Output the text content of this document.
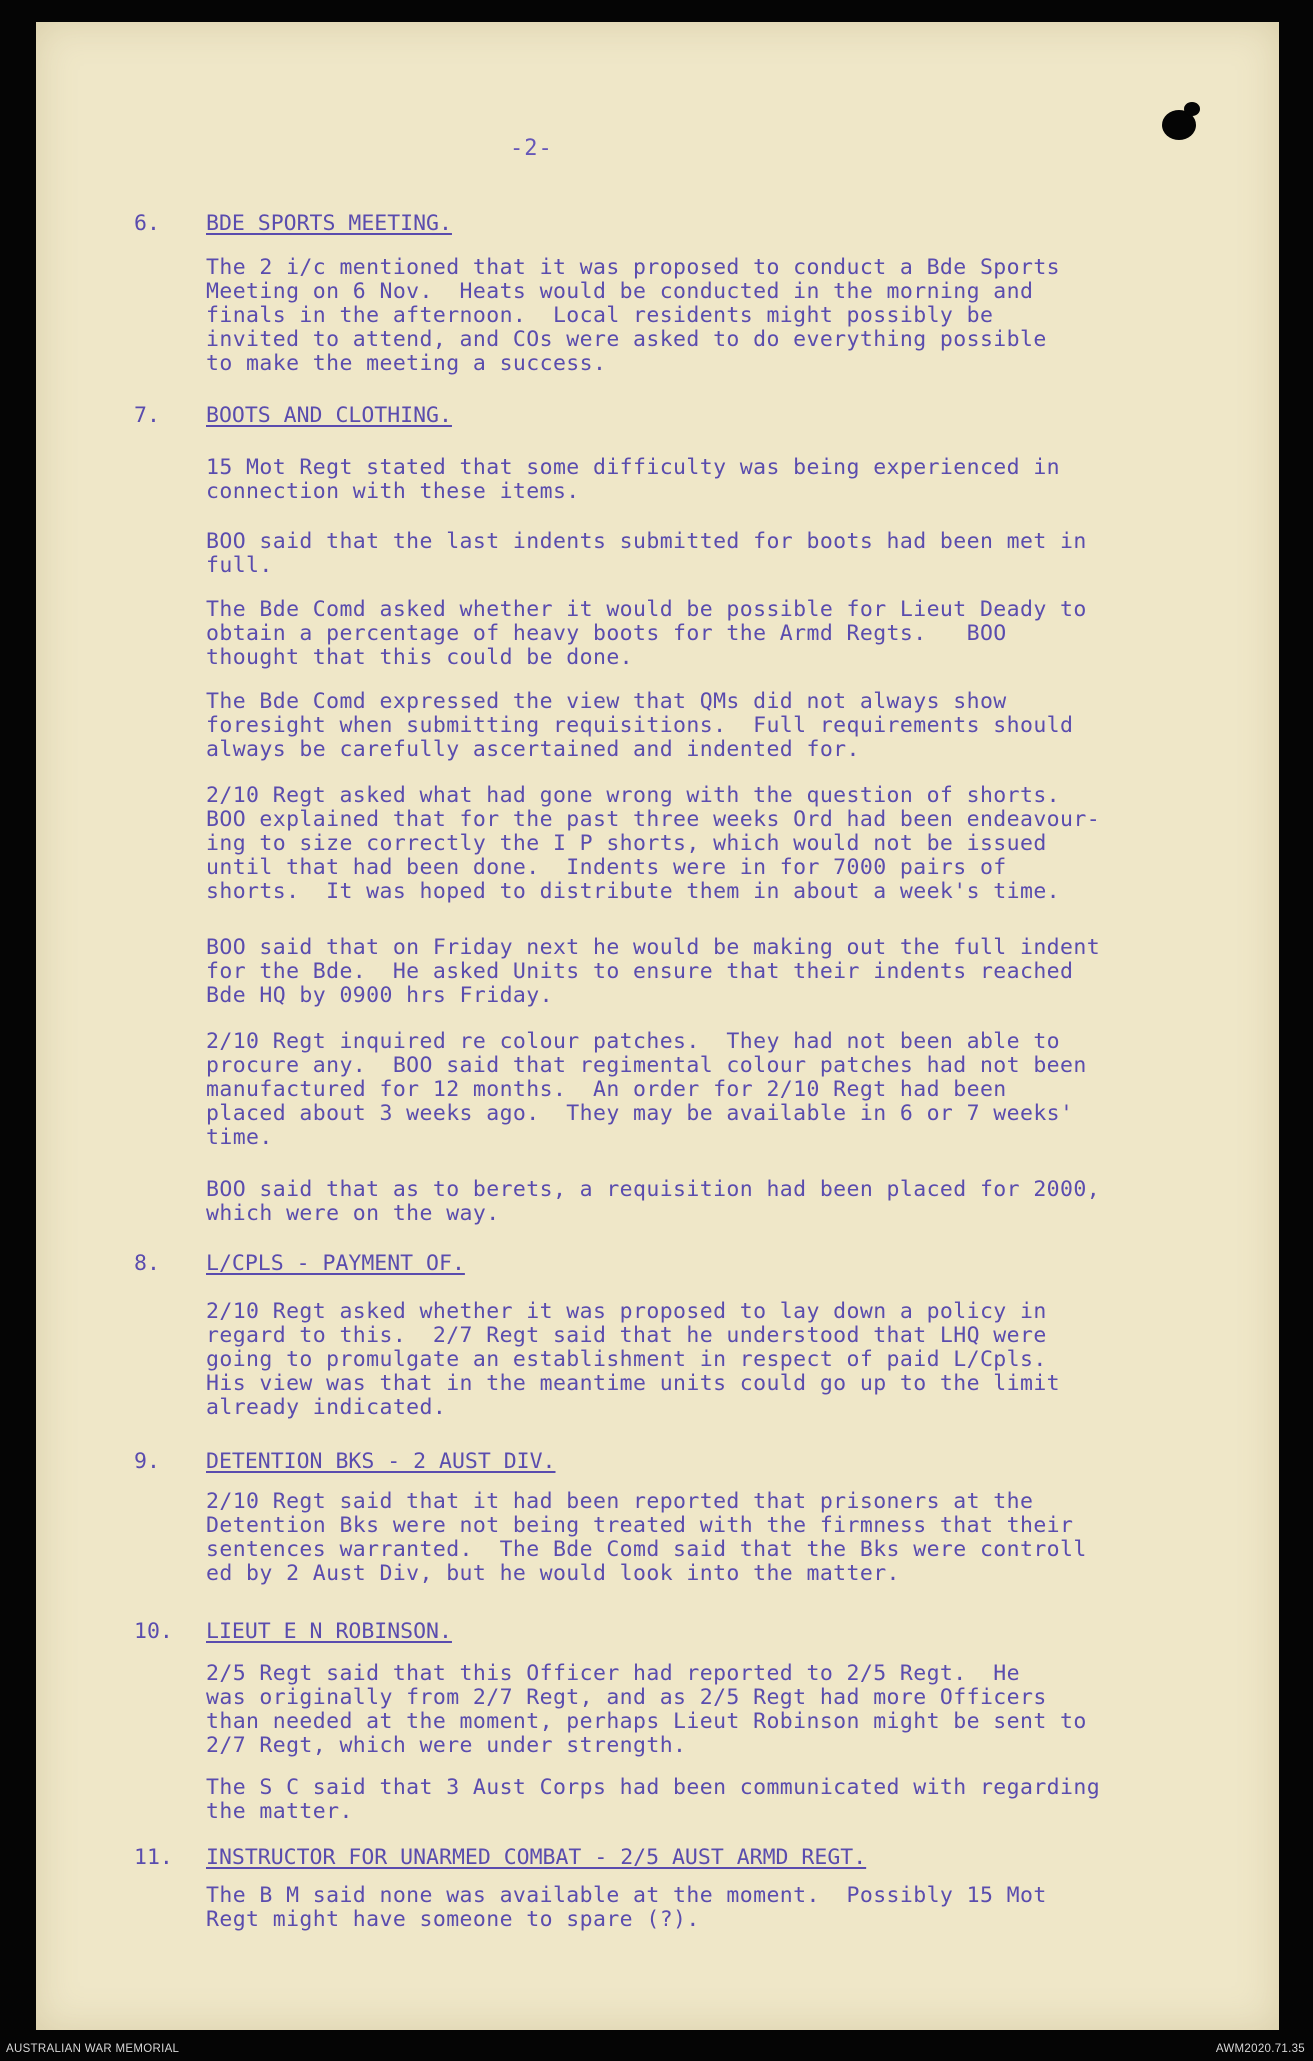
-2-
6. BDE SPORTS MEETING.

The 2 i/c mentioned that it was proposed to conduct a Bde Sports
Meeting on 6 Nov.  Heats would be conducted in the morning and
finals in the afternoon.  Local residents might possibly be
invited to attend, and COs were asked to do everything possible
to make the meeting a success.

7. BOOTS AND CLOTHING.

15 Mot Regt stated that some difficulty was being experienced in
connection with these items.

BOO said that the last indents submitted for boots had been met in
full.

The Bde Comd asked whether it would be possible for Lieut Deady to
obtain a percentage of heavy boots for the Armd Regts.   BOO
thought that this could be done.

The Bde Comd expressed the view that QMs did not always show
foresight when submitting requisitions.  Full requirements should
always be carefully ascertained and indented for.

2/10 Regt asked what had gone wrong with the question of shorts.
BOO explained that for the past three weeks Ord had been endeavour-
ing to size correctly the I P shorts, which would not be issued
until that had been done.  Indents were in for 7000 pairs of
shorts.  It was hoped to distribute them in about a week's time.

BOO said that on Friday next he would be making out the full indent
for the Bde.  He asked Units to ensure that their indents reached
Bde HQ by 0900 hrs Friday.

2/10 Regt inquired re colour patches.  They had not been able to
procure any.  BOO said that regimental colour patches had not been
manufactured for 12 months.  An order for 2/10 Regt had been
placed about 3 weeks ago.  They may be available in 6 or 7 weeks'
time.

BOO said that as to berets, a requisition had been placed for 2000,
which were on the way.

8. L/CPLS - PAYMENT OF.

2/10 Regt asked whether it was proposed to lay down a policy in
regard to this.  2/7 Regt said that he understood that LHQ were
going to promulgate an establishment in respect of paid L/Cpls.
His view was that in the meantime units could go up to the limit
already indicated.

9. DETENTION BKS - 2 AUST DIV.

2/10 Regt said that it had been reported that prisoners at the
Detention Bks were not being treated with the firmness that their
sentences warranted.  The Bde Comd said that the Bks were controll
ed by 2 Aust Div, but he would look into the matter.

10. LIEUT E N ROBINSON.

2/5 Regt said that this Officer had reported to 2/5 Regt.  He
was originally from 2/7 Regt, and as 2/5 Regt had more Officers
than needed at the moment, perhaps Lieut Robinson might be sent to
2/7 Regt, which were under strength.

The S C said that 3 Aust Corps had been communicated with regarding
the matter.

11. INSTRUCTOR FOR UNARMED COMBAT - 2/5 AUST ARMD REGT.

The B M said none was available at the moment.  Possibly 15 Mot
Regt might have someone to spare (?).

AUSTRALIAN WAR MEMORIAL	AWM2020.71.35
